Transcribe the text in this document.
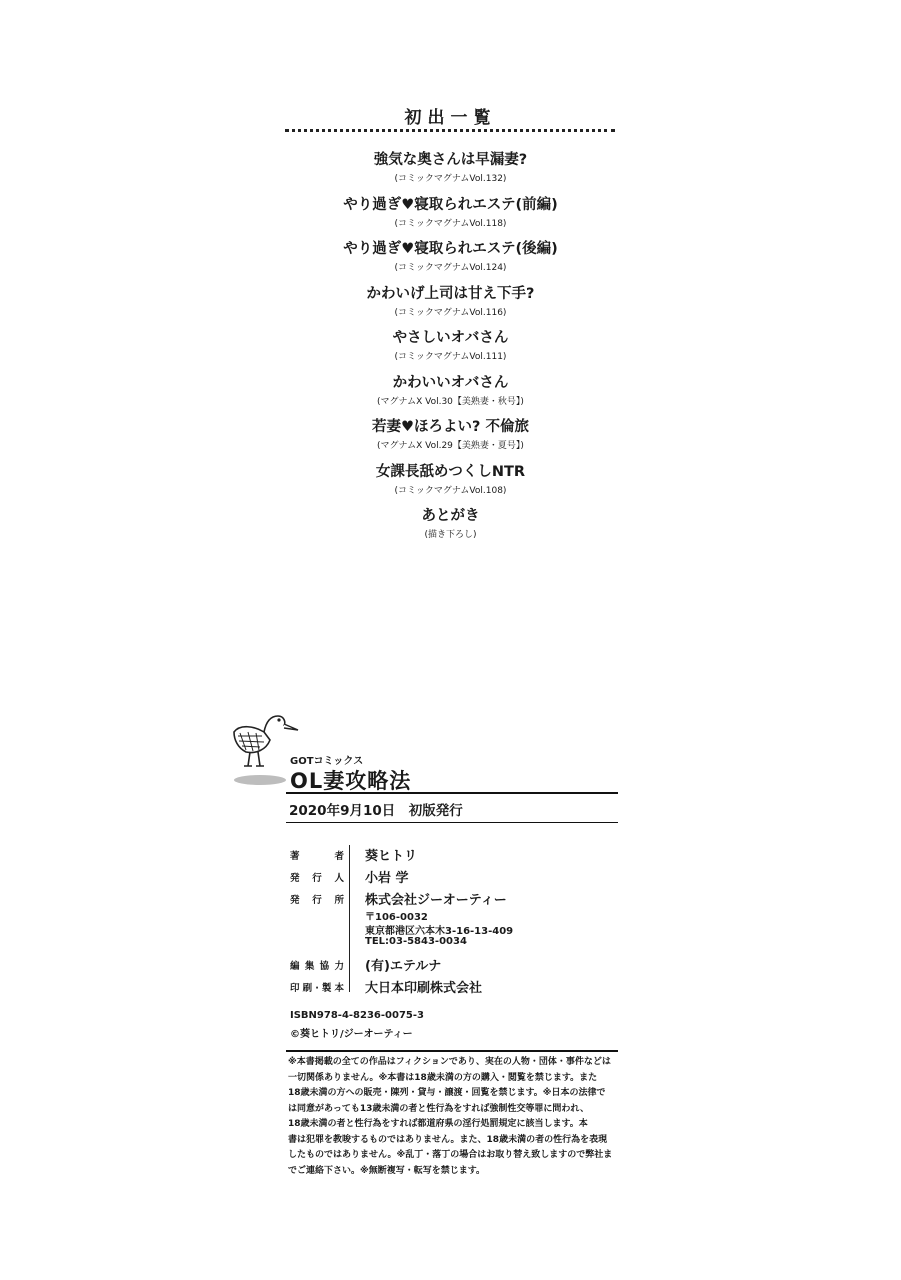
初出一覧
強気な奥さんは早漏妻?
(コミックマグナムVol.132)
やり過ぎ♥寝取られエステ(前編)
(コミックマグナムVol.118)
やり過ぎ♥寝取られエステ(後編)
(コミックマグナムVol.124)
かわいげ上司は甘え下手?
(コミックマグナムVol.116)
やさしいオバさん
(コミックマグナムVol.111)
かわいいオバさん
(マグナムX Vol.30【美熟妻・秋号】)
若妻♥ほろよい? 不倫旅
(マグナムX Vol.29【美熟妻・夏号】)
女課長舐めつくしNTR
(コミックマグナムVol.108)
あとがき
(描き下ろし)
GOTコミックス
OL妻攻略法
2020年9月10日　初版発行
著者 葵ヒトリ
発行人 小岩 学
発行所 株式会社ジーオーティー
〒106-0032
東京都港区六本木3-16-13-409
TEL:03-5843-0034
編集協力 (有)エテルナ
印刷·製本 大日本印刷株式会社
ISBN978-4-8236-0075-3
©葵ヒトリ/ジーオーティー
※本書掲載の全ての作品はフィクションであり、実在の人物・団体・事件などは
一切関係ありません。※本書は18歳未満の方の購入・閲覧を禁じます。また
18歳未満の方への販売・陳列・貸与・譲渡・回覧を禁じます。※日本の法律で
は同意があっても13歳未満の者と性行為をすれば強制性交等罪に問われ、
18歳未満の者と性行為をすれば都道府県の淫行処罰規定に該当します。本
書は犯罪を教唆するものではありません。また、18歳未満の者の性行為を表現
したものではありません。※乱丁・落丁の場合はお取り替え致しますので弊社ま
でご連絡下さい。※無断複写・転写を禁じます。
